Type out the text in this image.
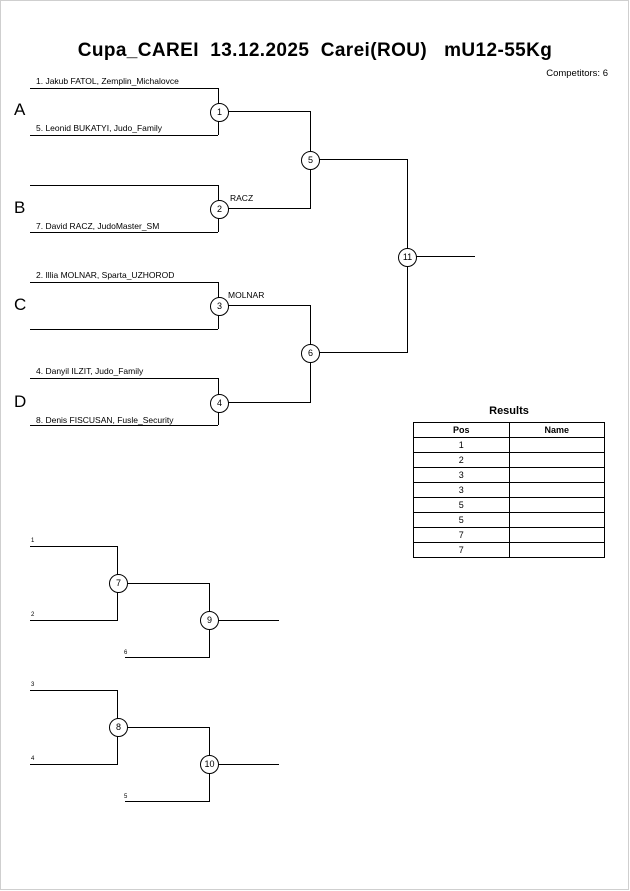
Cupa_CAREI  13.12.2025  Carei(ROU)   mU12-55Kg
Competitors: 6
A
B
C
D
1. Jakub FATOL, Zemplin_Michalovce
5. Leonid BUKATYI, Judo_Family
7. David RACZ, JudoMaster_SM
2. Illia MOLNAR, Sparta_UZHOROD
4. Danyil ILZIT, Judo_Family
8. Denis FISCUSAN, Fusle_Security
RACZ
MOLNAR
1
2
3
4
5
6
11
7
9
1
2
6
8
10
3
4
5
Results
Pos	Name
1	
2	
3	
3	
5	
5	
7	
7	
